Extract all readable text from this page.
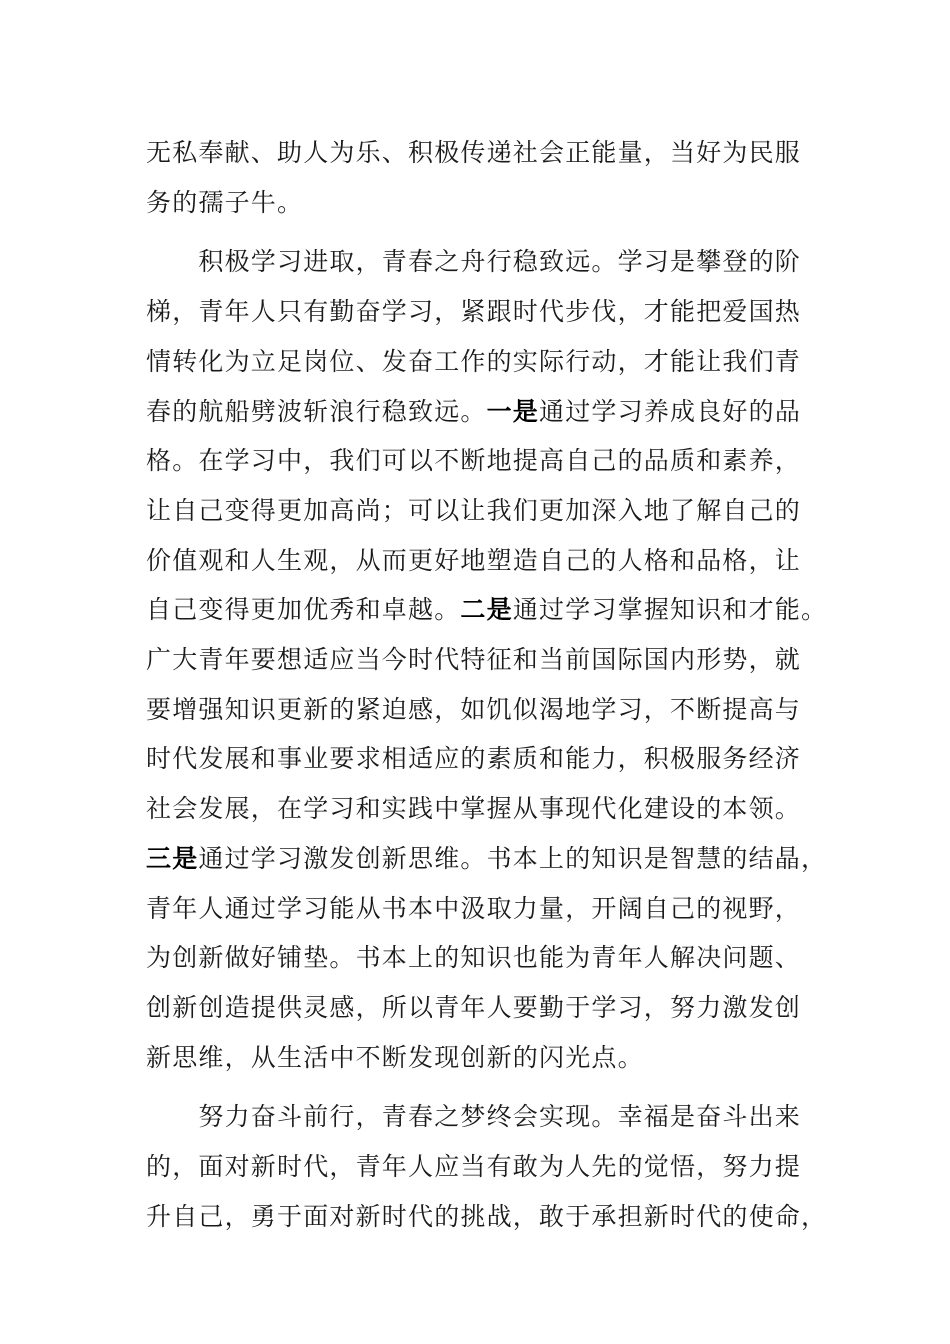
无私奉献、助人为乐、积极传递社会正能量，当好为民服
务的孺子牛。

　　积极学习进取，青春之舟行稳致远。学习是攀登的阶
梯，青年人只有勤奋学习，紧跟时代步伐，才能把爱国热
情转化为立足岗位、发奋工作的实际行动，才能让我们青
春的航船劈波斩浪行稳致远。一是通过学习养成良好的品
格。在学习中，我们可以不断地提高自己的品质和素养，
让自己变得更加高尚；可以让我们更加深入地了解自己的
价值观和人生观，从而更好地塑造自己的人格和品格，让
自己变得更加优秀和卓越。二是通过学习掌握知识和才能。
广大青年要想适应当今时代特征和当前国际国内形势，就
要增强知识更新的紧迫感，如饥似渴地学习，不断提高与
时代发展和事业要求相适应的素质和能力，积极服务经济
社会发展，在学习和实践中掌握从事现代化建设的本领。
三是通过学习激发创新思维。书本上的知识是智慧的结晶，
青年人通过学习能从书本中汲取力量，开阔自己的视野，
为创新做好铺垫。书本上的知识也能为青年人解决问题、
创新创造提供灵感，所以青年人要勤于学习，努力激发创
新思维，从生活中不断发现创新的闪光点。

　　努力奋斗前行，青春之梦终会实现。幸福是奋斗出来
的，面对新时代，青年人应当有敢为人先的觉悟，努力提
升自己，勇于面对新时代的挑战，敢于承担新时代的使命，
